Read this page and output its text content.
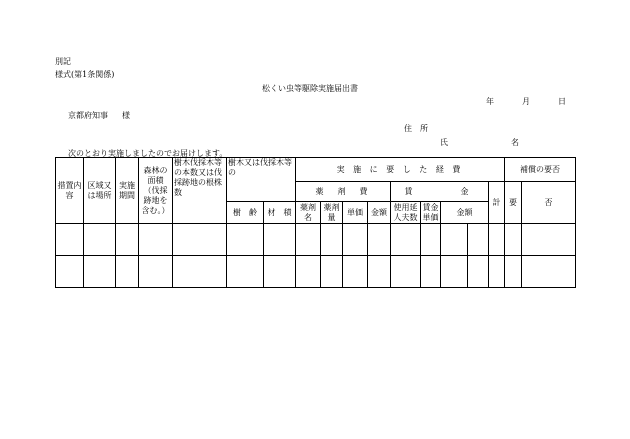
別記
様式(第1条関係)
松くい虫等駆除実施届出書
年	月	日
京都府知事 様
住　所
氏	名
次のとおり実施しましたのでお届けします。
措置内容	区域又は場所	実施期間	森林の面積（伐採跡地を含む。）	樹木伐採木等の本数又は伐採跡地の根株数	樹木又は伐採木等の		実 施 に 要 し た 経 費									補償の要否	
							薬　剤　費				賃　　　金				計	要	否	
					樹　齢	材　積	薬剤名	薬剤量	単価	金額	使用延人夫数	賃金単価	金額					
